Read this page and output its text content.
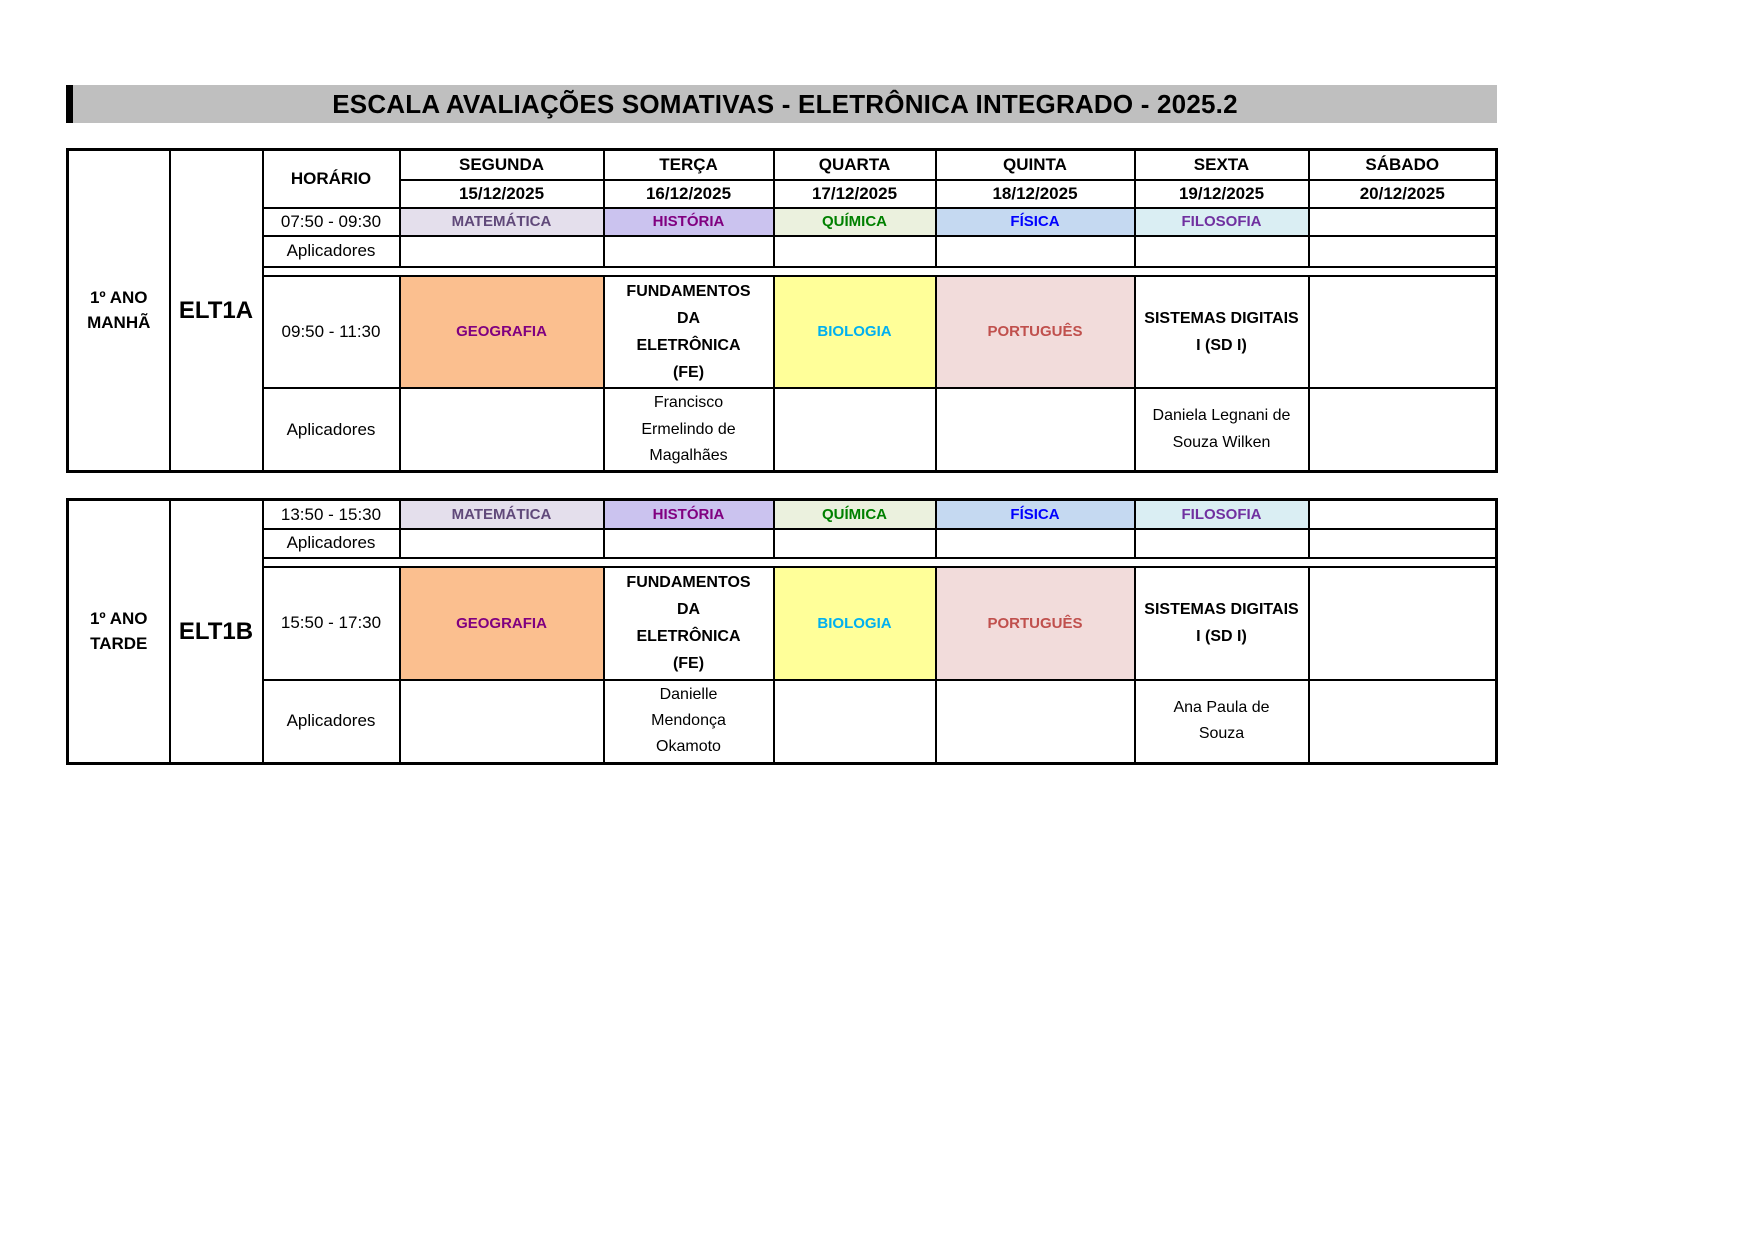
ESCALA AVALIAÇÕES SOMATIVAS - ELETRÔNICA INTEGRADO - 2025.2
1º ANO MANHÃ	ELT1A	HORÁRIO	SEGUNDA	TERÇA	QUARTA	QUINTA	SEXTA	SÁBADO
			15/12/2025	16/12/2025	17/12/2025	18/12/2025	19/12/2025	20/12/2025
		07:50 - 09:30	MATEMÁTICA	HISTÓRIA	QUÍMICA	FÍSICA	FILOSOFIA	
		Aplicadores						

		09:50 - 11:30	GEOGRAFIA	FUNDAMENTOS DA ELETRÔNICA (FE)	BIOLOGIA	PORTUGUÊS	SISTEMAS DIGITAIS I (SD I)	
		Aplicadores		Francisco Ermelindo de Magalhães			Daniela Legnani de Souza Wilken	
1º ANO TARDE	ELT1B	13:50 - 15:30	MATEMÁTICA	HISTÓRIA	QUÍMICA	FÍSICA	FILOSOFIA	
		Aplicadores						

		15:50 - 17:30	GEOGRAFIA	FUNDAMENTOS DA ELETRÔNICA (FE)	BIOLOGIA	PORTUGUÊS	SISTEMAS DIGITAIS I (SD I)	
		Aplicadores		Danielle Mendonça Okamoto			Ana Paula de Souza	
